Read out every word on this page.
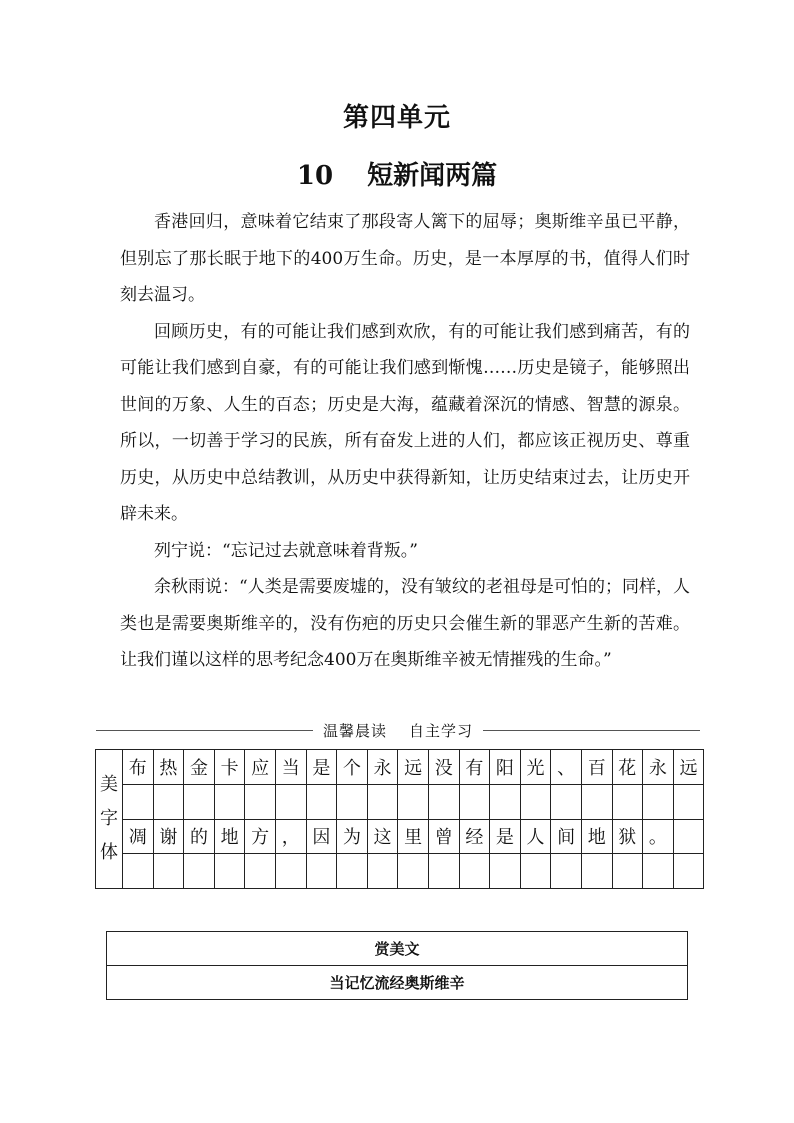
第四单元
10 短新闻两篇

香港回归，意味着它结束了那段寄人篱下的屈辱；奥斯维辛虽已平静，但别忘了那长眠于地下的400万生命。历史，是一本厚厚的书，值得人们时刻去温习。

回顾历史，有的可能让我们感到欢欣，有的可能让我们感到痛苦，有的可能让我们感到自豪，有的可能让我们感到惭愧……历史是镜子，能够照出世间的万象、人生的百态；历史是大海，蕴藏着深沉的情感、智慧的源泉。所以，一切善于学习的民族，所有奋发上进的人们，都应该正视历史、尊重历史，从历史中总结教训，从历史中获得新知，让历史结束过去，让历史开辟未来。

列宁说：“忘记过去就意味着背叛。”

余秋雨说：“人类是需要废墟的，没有皱纹的老祖母是可怕的；同样，人类也是需要奥斯维辛的，没有伤疤的历史只会催生新的罪恶产生新的苦难。让我们谨以这样的思考纪念400万在奥斯维辛被无情摧残的生命。”

温馨晨读 自主学习
美
字
体	布	热	金	卡	应	当	是	个	永	远	没	有	阳	光	、	百	花	永	远

	凋	谢	的	地	方	，	因	为	这	里	曾	经	是	人	间	地	狱	。	

赏美文
当记忆流经奥斯维辛
